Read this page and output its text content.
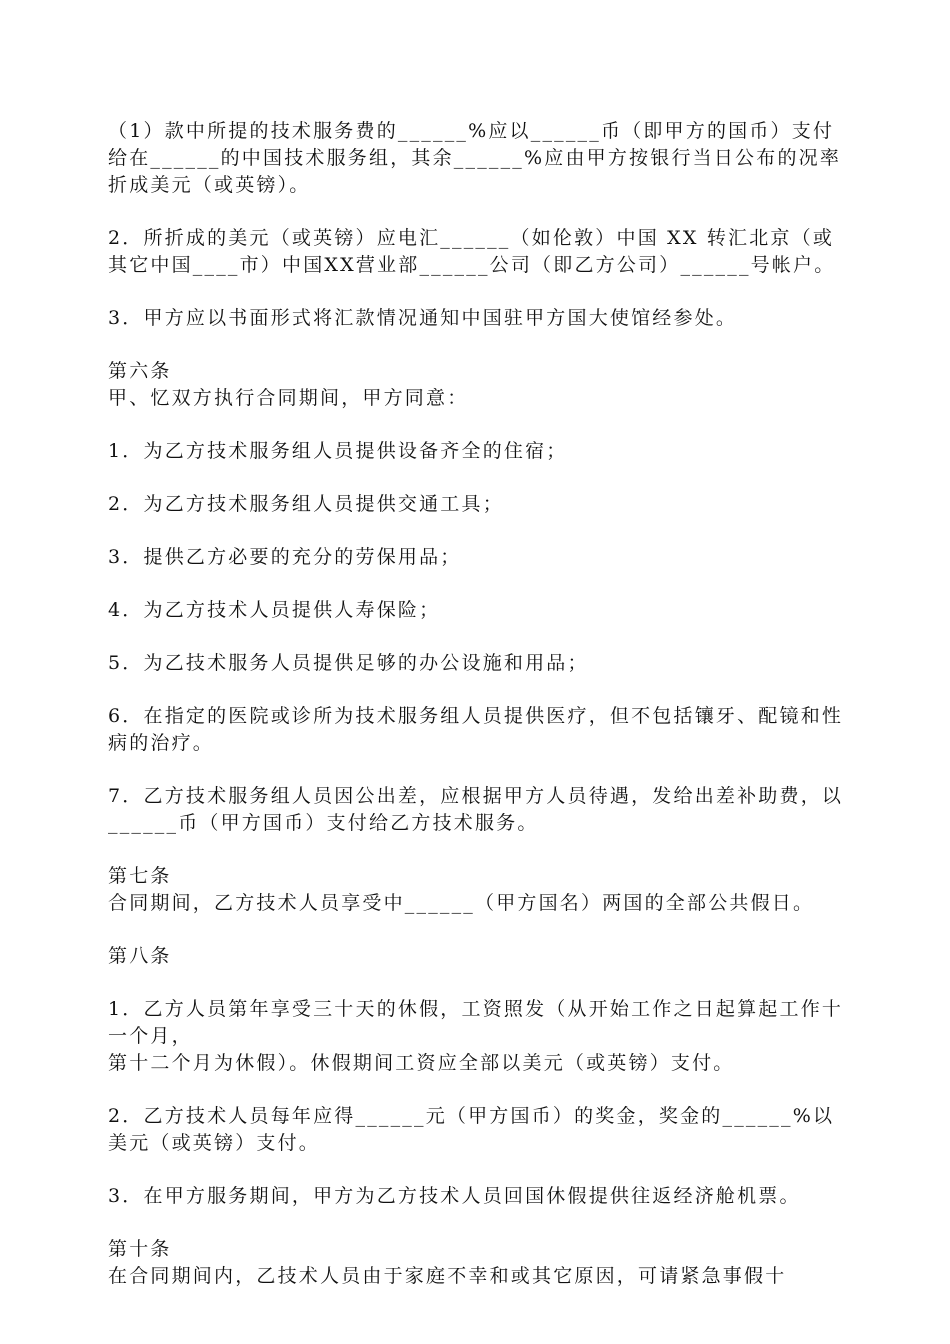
（1）款中所提的技术服务费的______%应以______币（即甲方的国币）支付给在______的中国技术服务组，其余______%应由甲方按银行当日公布的况率折成美元（或英镑）。

2．所折成的美元（或英镑）应电汇______（如伦敦）中国 XX 转汇北京（或其它中国____市）中国XX营业部______公司（即乙方公司）______号帐户。

3．甲方应以书面形式将汇款情况通知中国驻甲方国大使馆经参处。

第六条

甲、忆双方执行合同期间，甲方同意：

1．为乙方技术服务组人员提供设备齐全的住宿；

2．为乙方技术服务组人员提供交通工具；

3．提供乙方必要的充分的劳保用品；

4．为乙方技术人员提供人寿保险；

5．为乙技术服务人员提供足够的办公设施和用品；

6．在指定的医院或诊所为技术服务组人员提供医疗，但不包括镶牙、配镜和性病的治疗。

7．乙方技术服务组人员因公出差，应根据甲方人员待遇，发给出差补助费，以______币（甲方国币）支付给乙方技术服务。

第七条

合同期间，乙方技术人员享受中______（甲方国名）两国的全部公共假日。

第八条

1．乙方人员第年享受三十天的休假，工资照发（从开始工作之日起算起工作十一个月，
第十二个月为休假）。休假期间工资应全部以美元（或英镑）支付。

2．乙方技术人员每年应得______元（甲方国币）的奖金，奖金的______%以美元（或英镑）支付。

3．在甲方服务期间，甲方为乙方技术人员回国休假提供往返经济舱机票。

第十条

在合同期间内，乙技术人员由于家庭不幸和或其它原因，可请紧急事假十
